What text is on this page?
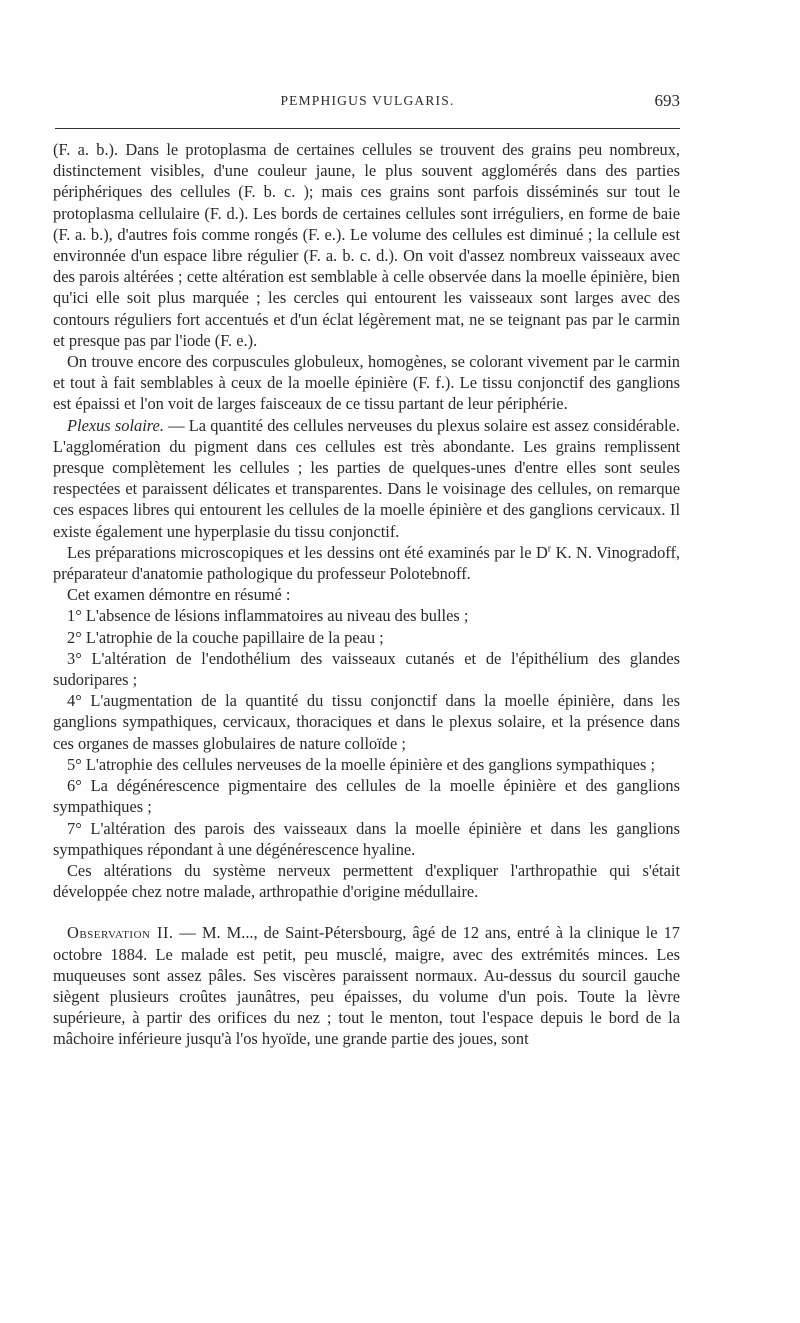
PEMPHIGUS VULGARIS.	693

(F. a. b.). Dans le protoplasma de certaines cellules se trouvent des grains peu nombreux, distinctement visibles, d'une couleur jaune, le plus souvent agglomérés dans des parties périphériques des cellules (F. b. c. ); mais ces grains sont parfois disséminés sur tout le protoplasma cellulaire (F. d.). Les bords de certaines cellules sont irréguliers, en forme de baie (F. a. b.), d'autres fois comme rongés (F. e.). Le volume des cellules est diminué ; la cellule est environnée d'un espace libre régulier (F. a. b. c. d.). On voit d'assez nombreux vaisseaux avec des parois altérées ; cette altération est semblable à celle observée dans la moelle épinière, bien qu'ici elle soit plus marquée ; les cercles qui entourent les vaisseaux sont larges avec des contours réguliers fort accentués et d'un éclat légèrement mat, ne se teignant pas par le carmin et presque pas par l'iode (F. e.).

On trouve encore des corpuscules globuleux, homogènes, se colorant vivement par le carmin et tout à fait semblables à ceux de la moelle épinière (F. f.). Le tissu conjonctif des ganglions est épaissi et l'on voit de larges faisceaux de ce tissu partant de leur périphérie.

Plexus solaire. — La quantité des cellules nerveuses du plexus solaire est assez considérable. L'agglomération du pigment dans ces cellules est très abondante. Les grains remplissent presque complètement les cellules ; les parties de quelques-unes d'entre elles sont seules respectées et paraissent délicates et transparentes. Dans le voisinage des cellules, on remarque ces espaces libres qui entourent les cellules de la moelle épinière et des ganglions cervicaux. Il existe également une hyperplasie du tissu conjonctif.

Les préparations microscopiques et les dessins ont été examinés par le $D^r$ K. N. Vinogradoff, préparateur d'anatomie pathologique du professeur Polotebnoff.

Cet examen démontre en résumé :

1° L'absence de lésions inflammatoires au niveau des bulles ;

2° L'atrophie de la couche papillaire de la peau ;

3° L'altération de l'endothélium des vaisseaux cutanés et de l'épithélium des glandes sudoripares ;

4° L'augmentation de la quantité du tissu conjonctif dans la moelle épinière, dans les ganglions sympathiques, cervicaux, thoraciques et dans le plexus solaire, et la présence dans ces organes de masses globulaires de nature colloïde ;

5° L'atrophie des cellules nerveuses de la moelle épinière et des ganglions sympathiques ;

6° La dégénérescence pigmentaire des cellules de la moelle épinière et des ganglions sympathiques ;

7° L'altération des parois des vaisseaux dans la moelle épinière et dans les ganglions sympathiques répondant à une dégénérescence hyaline.

Ces altérations du système nerveux permettent d'expliquer l'arthropathie qui s'était développée chez notre malade, arthropathie d'origine médullaire.

Observation II. — M. M..., de Saint-Pétersbourg, âgé de 12 ans, entré à la clinique le 17 octobre 1884. Le malade est petit, peu musclé, maigre, avec des extrémités minces. Les muqueuses sont assez pâles. Ses viscères paraissent normaux. Au-dessus du sourcil gauche siègent plusieurs croûtes jaunâtres, peu épaisses, du volume d'un pois. Toute la lèvre supérieure, à partir des orifices du nez ; tout le menton, tout l'espace depuis le bord de la mâchoire inférieure jusqu'à l'os hyoïde, une grande partie des joues, sont
